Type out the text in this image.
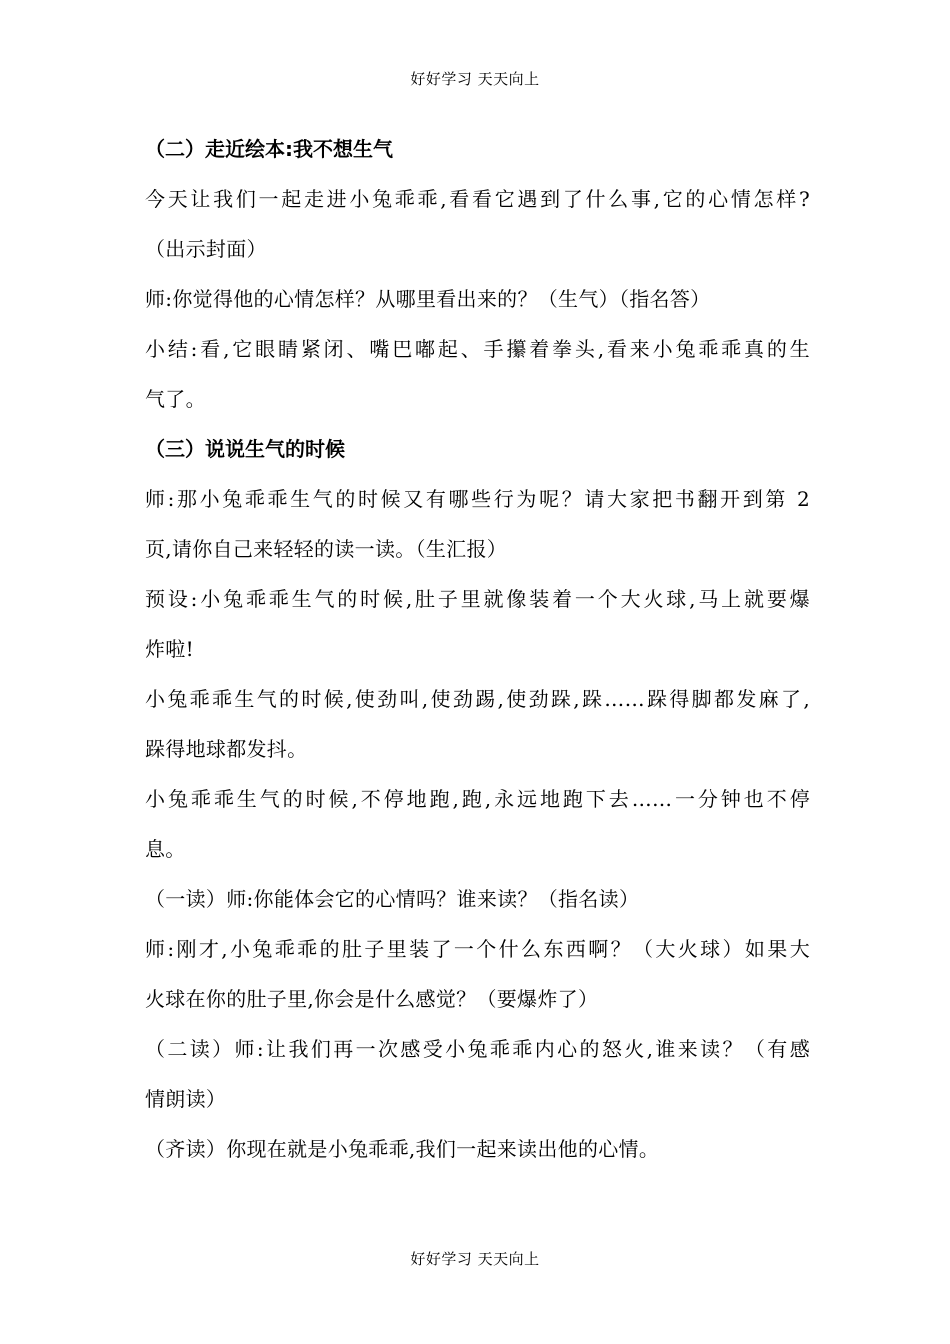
好好学习 天天向上
（二）走近绘本:我不想生气
今天让我们一起走进小兔乖乖,看看它遇到了什么事,它的心情怎样?
（出示封面）
师:你觉得他的心情怎样？从哪里看出来的？（生气）（指名答）
小结:看,它眼睛紧闭、嘴巴嘟起、手攥着拳头,看来小兔乖乖真的生
气了。
（三）说说生气的时候
师:那小兔乖乖生气的时候又有哪些行为呢？请大家把书翻开到第 2
页,请你自己来轻轻的读一读。（生汇报）
预设:小兔乖乖生气的时候,肚子里就像装着一个大火球,马上就要爆
炸啦!
小兔乖乖生气的时候,使劲叫,使劲踢,使劲跺,跺……跺得脚都发麻了,
跺得地球都发抖。
小兔乖乖生气的时候,不停地跑,跑,永远地跑下去……一分钟也不停
息。
（一读）师:你能体会它的心情吗？谁来读？（指名读）
师:刚才,小兔乖乖的肚子里装了一个什么东西啊？（大火球）如果大
火球在你的肚子里,你会是什么感觉？（要爆炸了）
（二读）师:让我们再一次感受小兔乖乖内心的怒火,谁来读？（有感
情朗读）
（齐读）你现在就是小兔乖乖,我们一起来读出他的心情。
好好学习 天天向上
